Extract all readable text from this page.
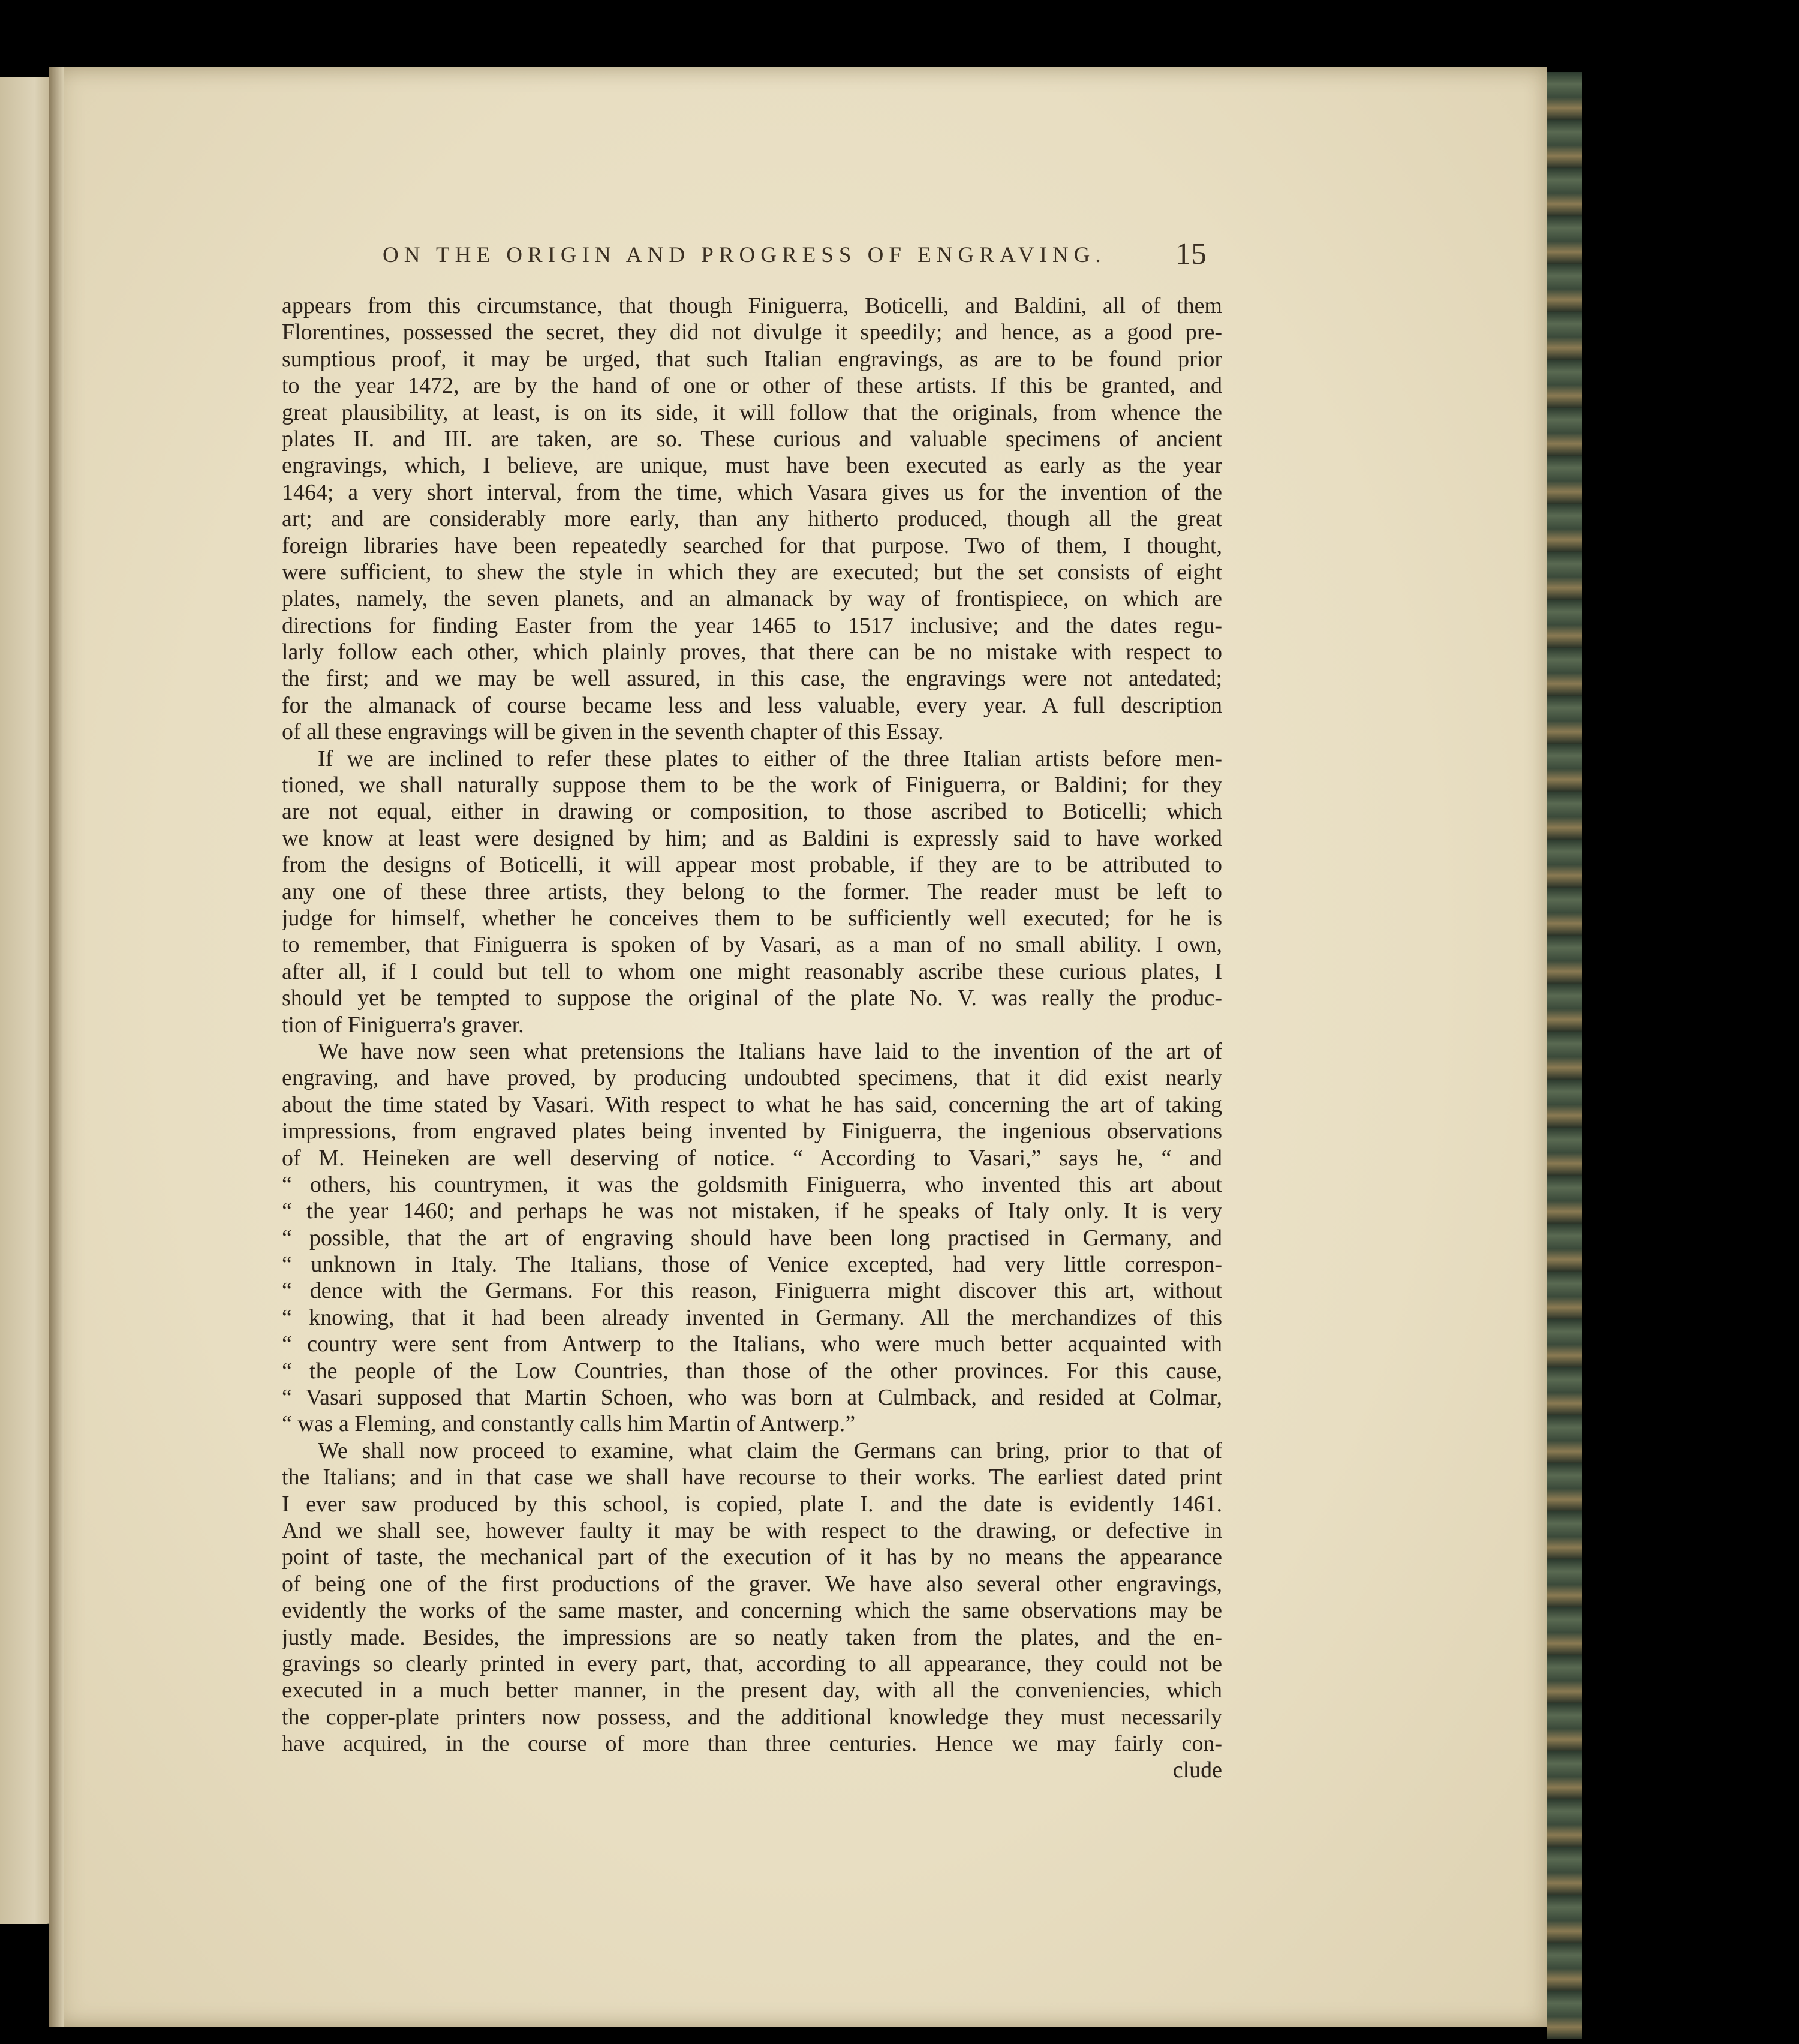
ON THE ORIGIN AND PROGRESS OF ENGRAVING.	15
appears from this circumstance, that though Finiguerra, Boticelli, and Baldini, all of them
Florentines, possessed the secret, they did not divulge it speedily; and hence, as a good pre-
sumptious proof, it may be urged, that such Italian engravings, as are to be found prior
to the year 1472, are by the hand of one or other of these artists. If this be granted, and
great plausibility, at least, is on its side, it will follow that the originals, from whence the
plates II. and III. are taken, are so. These curious and valuable specimens of ancient
engravings, which, I believe, are unique, must have been executed as early as the year
1464; a very short interval, from the time, which Vasara gives us for the invention of the
art; and are considerably more early, than any hitherto produced, though all the great
foreign libraries have been repeatedly searched for that purpose. Two of them, I thought,
were sufficient, to shew the style in which they are executed; but the set consists of eight
plates, namely, the seven planets, and an almanack by way of frontispiece, on which are
directions for finding Easter from the year 1465 to 1517 inclusive; and the dates regu-
larly follow each other, which plainly proves, that there can be no mistake with respect to
the first; and we may be well assured, in this case, the engravings were not antedated;
for the almanack of course became less and less valuable, every year. A full description
of all these engravings will be given in the seventh chapter of this Essay.
If we are inclined to refer these plates to either of the three Italian artists before men-
tioned, we shall naturally suppose them to be the work of Finiguerra, or Baldini; for they
are not equal, either in drawing or composition, to those ascribed to Boticelli; which
we know at least were designed by him; and as Baldini is expressly said to have worked
from the designs of Boticelli, it will appear most probable, if they are to be attributed to
any one of these three artists, they belong to the former. The reader must be left to
judge for himself, whether he conceives them to be sufficiently well executed; for he is
to remember, that Finiguerra is spoken of by Vasari, as a man of no small ability. I own,
after all, if I could but tell to whom one might reasonably ascribe these curious plates, I
should yet be tempted to suppose the original of the plate No. V. was really the produc-
tion of Finiguerra's graver.
We have now seen what pretensions the Italians have laid to the invention of the art of
engraving, and have proved, by producing undoubted specimens, that it did exist nearly
about the time stated by Vasari. With respect to what he has said, concerning the art of taking
impressions, from engraved plates being invented by Finiguerra, the ingenious observations
of M. Heineken are well deserving of notice. “ According to Vasari,” says he, “ and
“ others, his countrymen, it was the goldsmith Finiguerra, who invented this art about
“ the year 1460; and perhaps he was not mistaken, if he speaks of Italy only. It is very
“ possible, that the art of engraving should have been long practised in Germany, and
“ unknown in Italy. The Italians, those of Venice excepted, had very little correspon-
“ dence with the Germans. For this reason, Finiguerra might discover this art, without
“ knowing, that it had been already invented in Germany. All the merchandizes of this
“ country were sent from Antwerp to the Italians, who were much better acquainted with
“ the people of the Low Countries, than those of the other provinces. For this cause,
“ Vasari supposed that Martin Schoen, who was born at Culmback, and resided at Colmar,
“ was a Fleming, and constantly calls him Martin of Antwerp.”
We shall now proceed to examine, what claim the Germans can bring, prior to that of
the Italians; and in that case we shall have recourse to their works. The earliest dated print
I ever saw produced by this school, is copied, plate I. and the date is evidently 1461.
And we shall see, however faulty it may be with respect to the drawing, or defective in
point of taste, the mechanical part of the execution of it has by no means the appearance
of being one of the first productions of the graver. We have also several other engravings,
evidently the works of the same master, and concerning which the same observations may be
justly made. Besides, the impressions are so neatly taken from the plates, and the en-
gravings so clearly printed in every part, that, according to all appearance, they could not be
executed in a much better manner, in the present day, with all the conveniencies, which
the copper-plate printers now possess, and the additional knowledge they must necessarily
have acquired, in the course of more than three centuries. Hence we may fairly con-
clude
